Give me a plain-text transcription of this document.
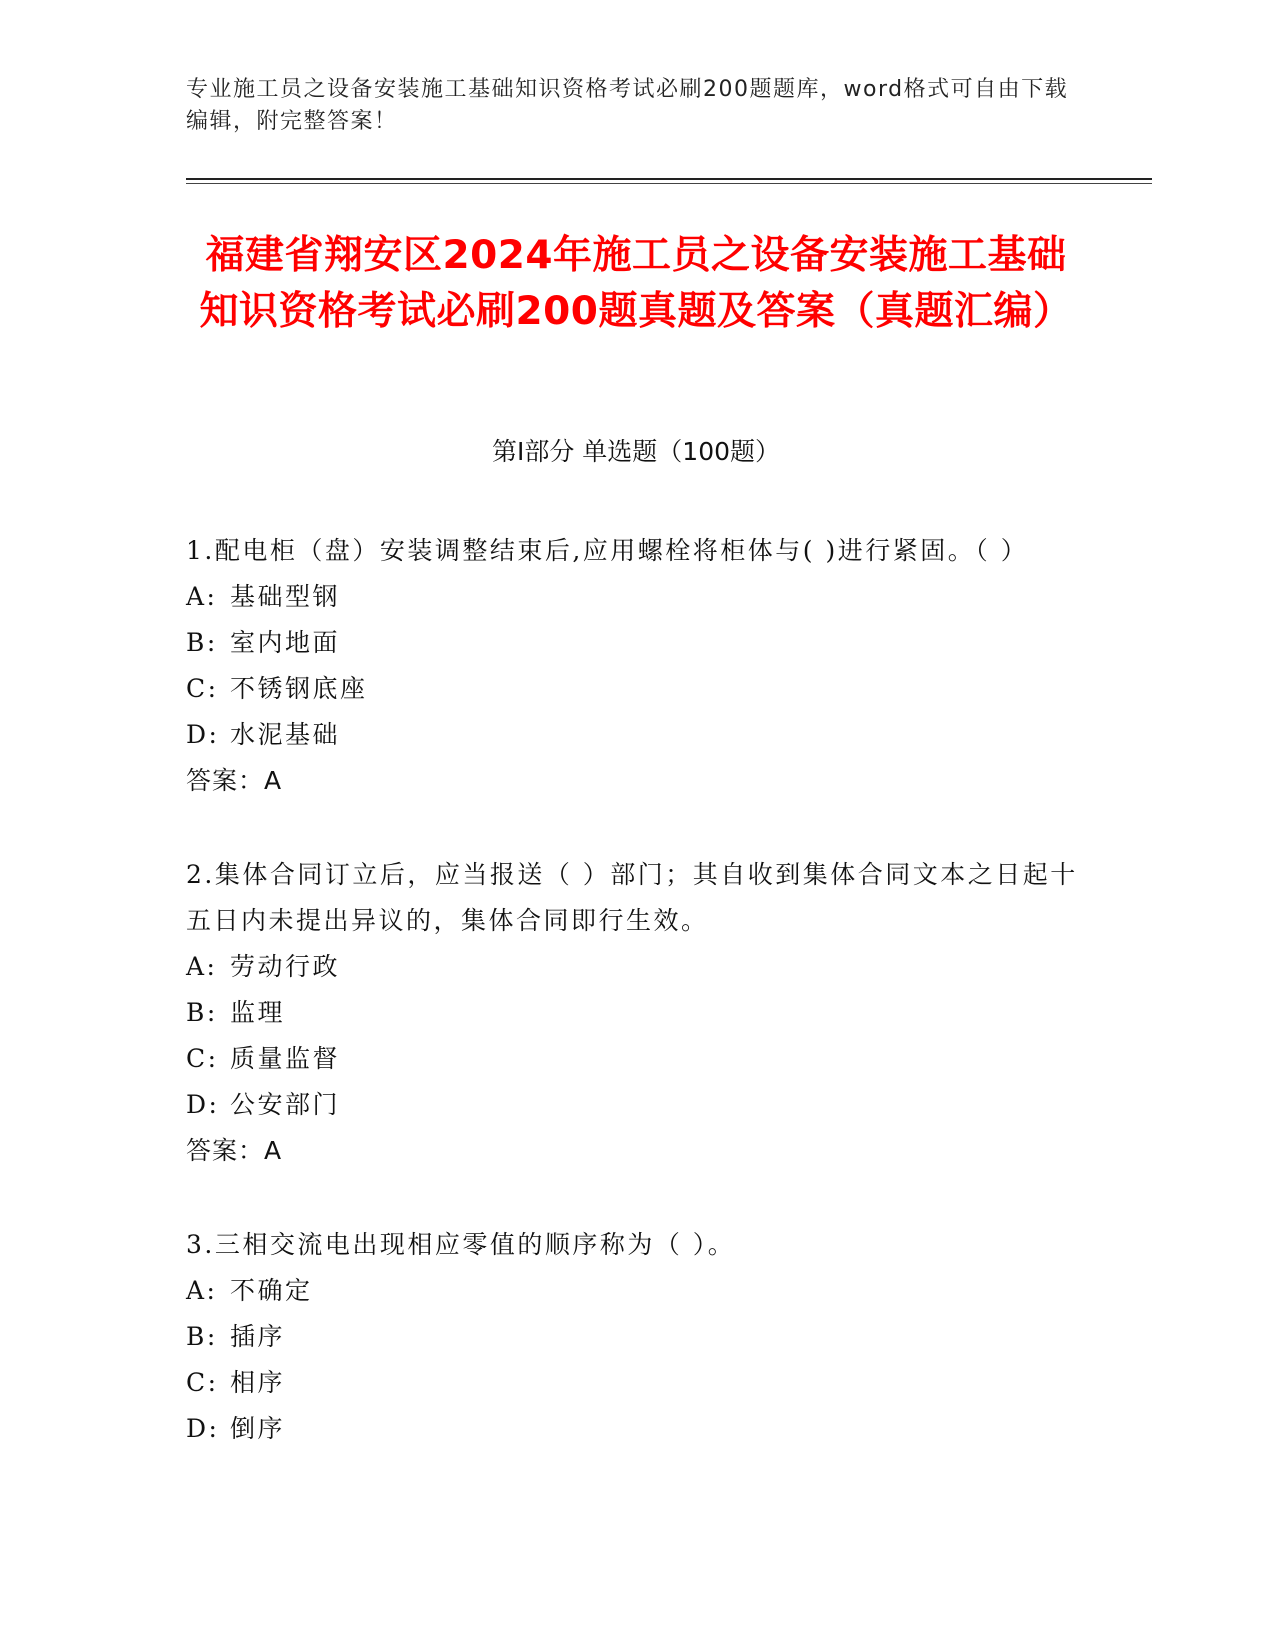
专业施工员之设备安装施工基础知识资格考试必刷200题题库，word格式可自由下载编辑，附完整答案！
福建省翔安区2024年施工员之设备安装施工基础知识资格考试必刷200题真题及答案（真题汇编）
第I部分 单选题（100题）

1.配电柜（盘）安装调整结束后,应用螺栓将柜体与( )进行紧固。（ ）

A: 基础型钢
B: 室内地面
C: 不锈钢底座
D: 水泥基础
答案：A

2.集体合同订立后，应当报送（ ）部门；其自收到集体合同文本之日起十五日内未提出异议的，集体合同即行生效。

A: 劳动行政
B: 监理
C: 质量监督
D: 公安部门
答案：A

3.三相交流电出现相应零值的顺序称为（ ）。

A: 不确定
B: 插序
C: 相序
D: 倒序
